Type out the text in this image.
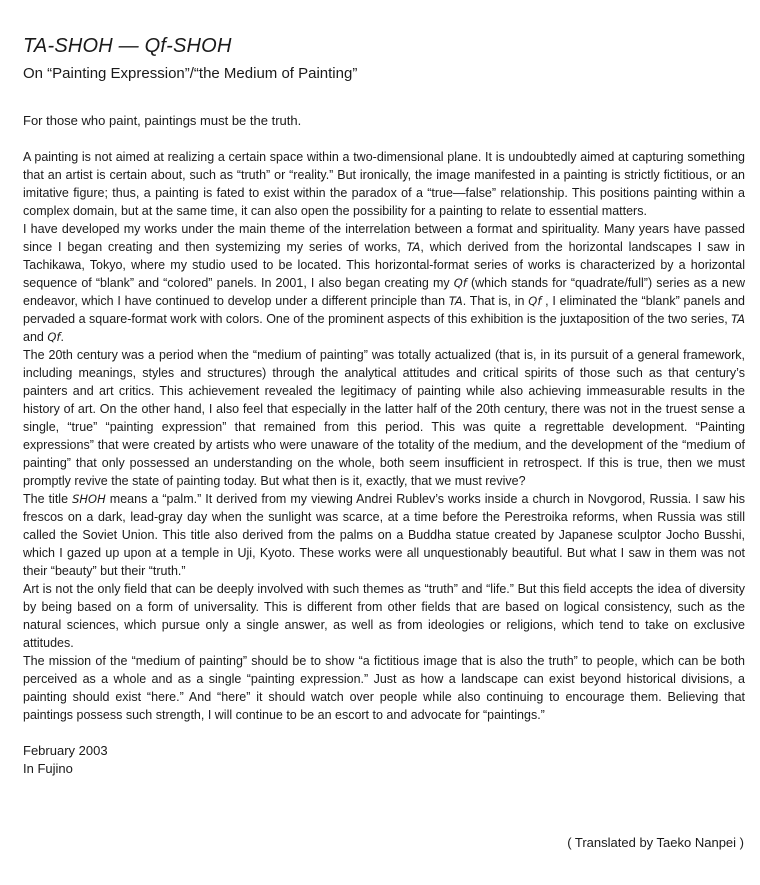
TA-SHOH — Qf-SHOH
On “Painting Expression”/“the Medium of Painting”

For those who paint, paintings must be the truth.

A painting is not aimed at realizing a certain space within a two-dimensional plane. It is undoubtedly aimed at capturing something that an artist is certain about, such as “truth” or “reality.” But ironically, the image manifested in a painting is strictly fictitious, or an imitative figure; thus, a painting is fated to exist within the paradox of a “true—false” relationship. This positions painting within a complex domain, but at the same time, it can also open the possibility for a painting to relate to essential matters.

I have developed my works under the main theme of the interrelation between a format and spirituality. Many years have passed since I began creating and then systemizing my series of works, TA, which derived from the horizontal landscapes I saw in Tachikawa, Tokyo, where my studio used to be located. This horizontal-format series of works is characterized by a horizontal sequence of “blank” and “colored” panels. In 2001, I also began creating my Qf (which stands for “quadrate/full”) series as a new endeavor, which I have continued to develop under a different principle than TA. That is, in Qf , I eliminated the “blank” panels and pervaded a square-format work with colors. One of the prominent aspects of this exhibition is the juxtaposition of the two series, TA and Qf.

The 20th century was a period when the “medium of painting” was totally actualized (that is, in its pursuit of a general framework, including meanings, styles and structures) through the analytical attitudes and critical spirits of those such as that century’s painters and art critics. This achievement revealed the legitimacy of painting while also achieving immeasurable results in the history of art. On the other hand, I also feel that especially in the latter half of the 20th century, there was not in the truest sense a single, “true” “painting expression” that remained from this period. This was quite a regrettable development. “Painting expressions” that were created by artists who were unaware of the totality of the medium, and the development of the “medium of painting” that only possessed an understanding on the whole, both seem insufficient in retrospect. If this is true, then we must promptly revive the state of painting today. But what then is it, exactly, that we must revive?

The title SHOH means a “palm.” It derived from my viewing Andrei Rublev’s works inside a church in Novgorod, Russia. I saw his frescos on a dark, lead-gray day when the sunlight was scarce, at a time before the Perestroika reforms, when Russia was still called the Soviet Union. This title also derived from the palms on a Buddha statue created by Japanese sculptor Jocho Busshi, which I gazed up upon at a temple in Uji, Kyoto. These works were all unquestionably beautiful. But what I saw in them was not their “beauty” but their “truth.”

Art is not the only field that can be deeply involved with such themes as “truth” and “life.” But this field accepts the idea of diversity by being based on a form of universality. This is different from other fields that are based on logical consistency, such as the natural sciences, which pursue only a single answer, as well as from ideologies or religions, which tend to take on exclusive attitudes.

The mission of the “medium of painting” should be to show “a fictitious image that is also the truth” to people, which can be both perceived as a whole and as a single “painting expression.” Just as how a landscape can exist beyond historical divisions, a painting should exist “here.” And “here” it should watch over people while also continuing to encourage them. Believing that paintings possess such strength, I will continue to be an escort to and advocate for “paintings.”

February 2003
In Fujino
( Translated by Taeko Nanpei )
